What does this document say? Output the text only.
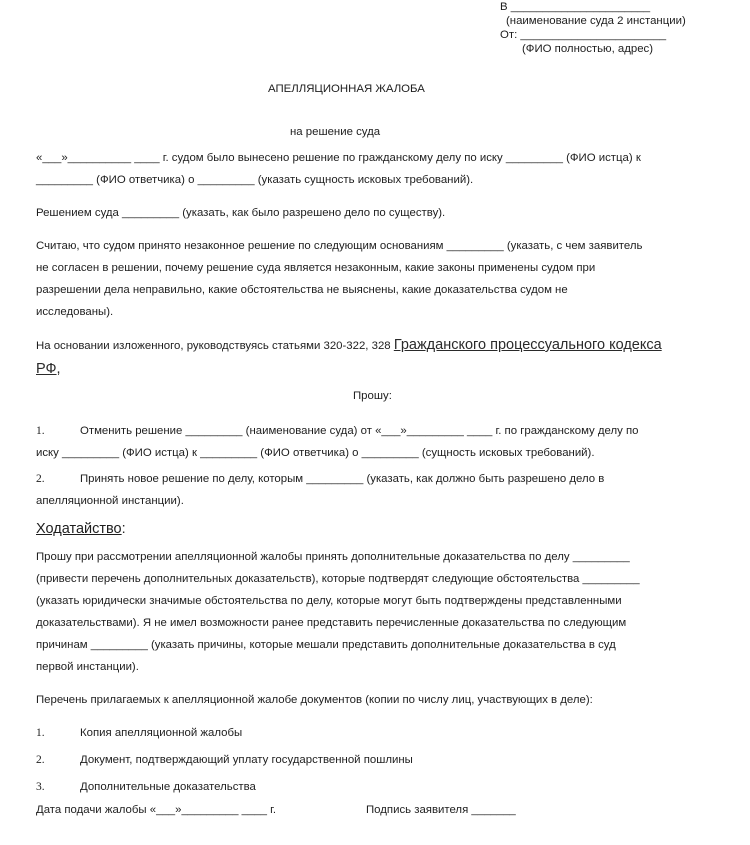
В ______________________
(наименование суда 2 инстанции)
От: _______________________
(ФИО полностью, адрес)
АПЕЛЛЯЦИОННАЯ ЖАЛОБА
на решение суда
«___»__________ ____ г. судом было вынесено решение по гражданскому делу по иску _________ (ФИО истца) к
_________ (ФИО ответчика) о _________ (указать сущность исковых требований).
Решением суда _________ (указать, как было разрешено дело по существу).
Считаю, что судом принято незаконное решение по следующим основаниям _________ (указать, с чем заявитель
не согласен в решении, почему решение суда является незаконным, какие законы применены судом при
разрешении дела неправильно, какие обстоятельства не выяснены, какие доказательства судом не
исследованы).
На основании изложенного, руководствуясь статьями 320-322, 328 Гражданского процессуального кодекса
РФ,
Прошу:
1.	Отменить решение _________ (наименование суда) от «___»_________ ____ г. по гражданскому делу по
иску _________ (ФИО истца) к _________ (ФИО ответчика) о _________ (сущность исковых требований).
2.	Принять новое решение по делу, которым _________ (указать, как должно быть разрешено дело в
апелляционной инстанции).
Ходатайство:
Прошу при рассмотрении апелляционной жалобы принять дополнительные доказательства по делу _________
(привести перечень дополнительных доказательств), которые подтвердят следующие обстоятельства _________
(указать юридически значимые обстоятельства по делу, которые могут быть подтверждены представленными
доказательствами). Я не имел возможности ранее представить перечисленные доказательства по следующим
причинам _________ (указать причины, которые мешали представить дополнительные доказательства в суд
первой инстанции).
Перечень прилагаемых к апелляционной жалобе документов (копии по числу лиц, участвующих в деле):
1.	Копия апелляционной жалобы
2.	Документ, подтверждающий уплату государственной пошлины
3.	Дополнительные доказательства
Дата подачи жалобы «___»_________ ____ г.	Подпись заявителя _______
